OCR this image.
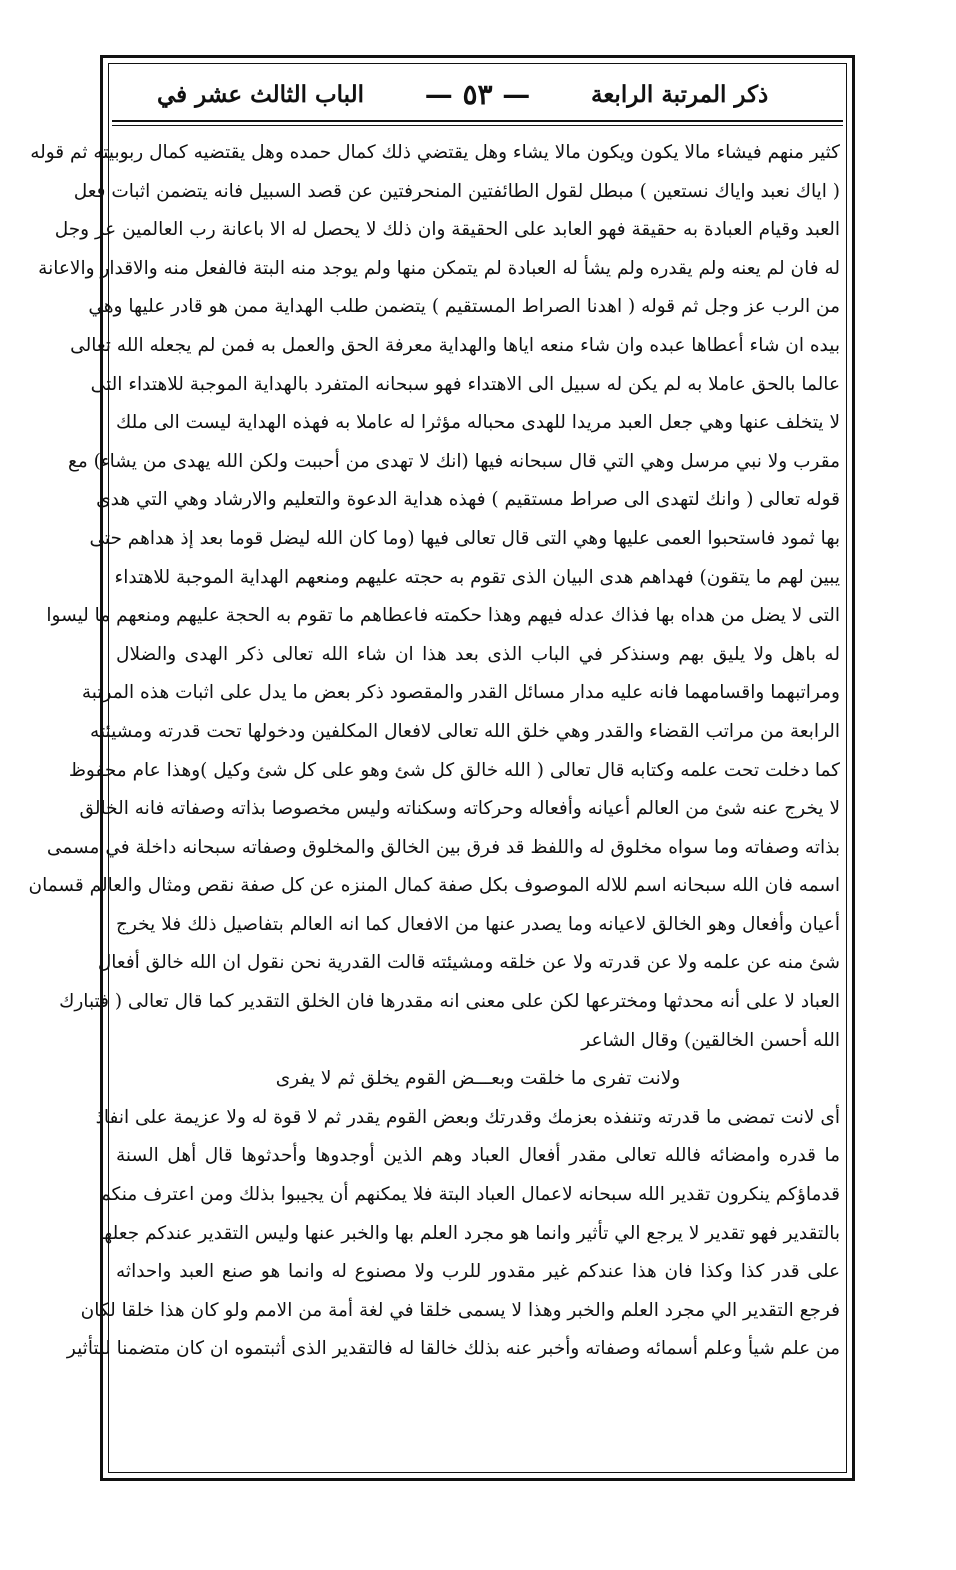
الباب الثالث عشر في — ٥٣ —	ذكر المرتبة الرابعة
كثير منهم فيشاء مالا يكون ويكون مالا يشاء وهل يقتضي ذلك كمال حمده وهل يقتضيه كمال ربوبيته ثم قوله
( اياك نعبد واياك نستعين ) مبطل لقول الطائفتين المنحرفتين عن قصد السبيل فانه يتضمن اثبات فعل
العبد وقيام العبادة به حقيقة فهو العابد على الحقيقة وان ذلك لا يحصل له الا باعانة رب العالمين عز وجل
له فان لم يعنه ولم يقدره ولم يشأ له العبادة لم يتمكن منها ولم يوجد منه البتة فالفعل منه والاقدار والاعانة
من الرب عز وجل ثم قوله ( اهدنا الصراط المستقيم ) يتضمن طلب الهداية ممن هو قادر عليها وهي
بيده ان شاء أعطاها عبده وان شاء منعه اياها والهداية معرفة الحق والعمل به فمن لم يجعله الله تعالى
عالما بالحق عاملا به لم يكن له سبيل الى الاهتداء فهو سبحانه المتفرد بالهداية الموجبة للاهتداء التى
لا يتخلف عنها وهي جعل العبد مريدا للهدى محباله مؤثرا له عاملا به فهذه الهداية ليست الى ملك
مقرب ولا نبي مرسل وهي التي قال سبحانه فيها (انك لا تهدى من أحببت ولكن الله يهدى من يشاء) مع
قوله تعالى ( وانك لتهدى الى صراط مستقيم ) فهذه هداية الدعوة والتعليم والارشاد وهي التي هدى
بها ثمود فاستحبوا العمى عليها وهي التى قال تعالى فيها (وما كان الله ليضل قوما بعد إذ هداهم حتى
يبين لهم ما يتقون) فهداهم هدى البيان الذى تقوم به حجته عليهم ومنعهم الهداية الموجبة للاهتداء
التى لا يضل من هداه بها فذاك عدله فيهم وهذا حكمته فاعطاهم ما تقوم به الحجة عليهم ومنعهم ما ليسوا
له باهل ولا يليق بهم وسنذكر في الباب الذى بعد هذا ان شاء الله تعالى ذكر الهدى والضلال
ومراتبهما واقسامهما فانه عليه مدار مسائل القدر والمقصود ذكر بعض ما يدل على اثبات هذه المرتبة
الرابعة من مراتب القضاء والقدر وهي خلق الله تعالى لافعال المكلفين ودخولها تحت قدرته ومشيئته
كما دخلت تحت علمه وكتابه قال تعالى ( الله خالق كل شئ وهو على كل شئ وكيل )وهذا عام محفوظ
لا يخرج عنه شئ من العالم أعيانه وأفعاله وحركاته وسكناته وليس مخصوصا بذاته وصفاته فانه الخالق
بذاته وصفاته وما سواه مخلوق له واللفظ قد فرق بين الخالق والمخلوق وصفاته سبحانه داخلة في مسمى
اسمه فان الله سبحانه اسم للاله الموصوف بكل صفة كمال المنزه عن كل صفة نقص ومثال والعالم قسمان
أعيان وأفعال وهو الخالق لاعيانه وما يصدر عنها من الافعال كما انه العالم بتفاصيل ذلك فلا يخرج
شئ منه عن علمه ولا عن قدرته ولا عن خلقه ومشيئته قالت القدرية نحن نقول ان الله خالق أفعال
العباد لا على أنه محدثها ومخترعها لكن على معنى انه مقدرها فان الخلق التقدير كما قال تعالى ( فتبارك
الله أحسن الخالقين) وقال الشاعر
ولانت تفرى ما خلقت وبعـــض القوم يخلق ثم لا يفرى
أى لانت تمضى ما قدرته وتنفذه بعزمك وقدرتك وبعض القوم يقدر ثم لا قوة له ولا عزيمة على انفاذ
ما قدره وامضائه فالله تعالى مقدر أفعال العباد وهم الذين أوجدوها وأحدثوها قال أهل السنة
قدماؤكم ينكرون تقدير الله سبحانه لاعمال العباد البتة فلا يمكنهم أن يجيبوا بذلك ومن اعترف منكم
بالتقدير فهو تقدير لا يرجع الي تأثير وانما هو مجرد العلم بها والخبر عنها وليس التقدير عندكم جعلها
على قدر كذا وكذا فان هذا عندكم غير مقدور للرب ولا مصنوع له وانما هو صنع العبد واحداثه
فرجع التقدير الي مجرد العلم والخبر وهذا لا يسمى خلقا في لغة أمة من الامم ولو كان هذا خلقا لكان
من علم شيأ وعلم أسمائه وصفاته وأخبر عنه بذلك خالقا له فالتقدير الذى أثبتموه ان كان متضمنا للتأثير
